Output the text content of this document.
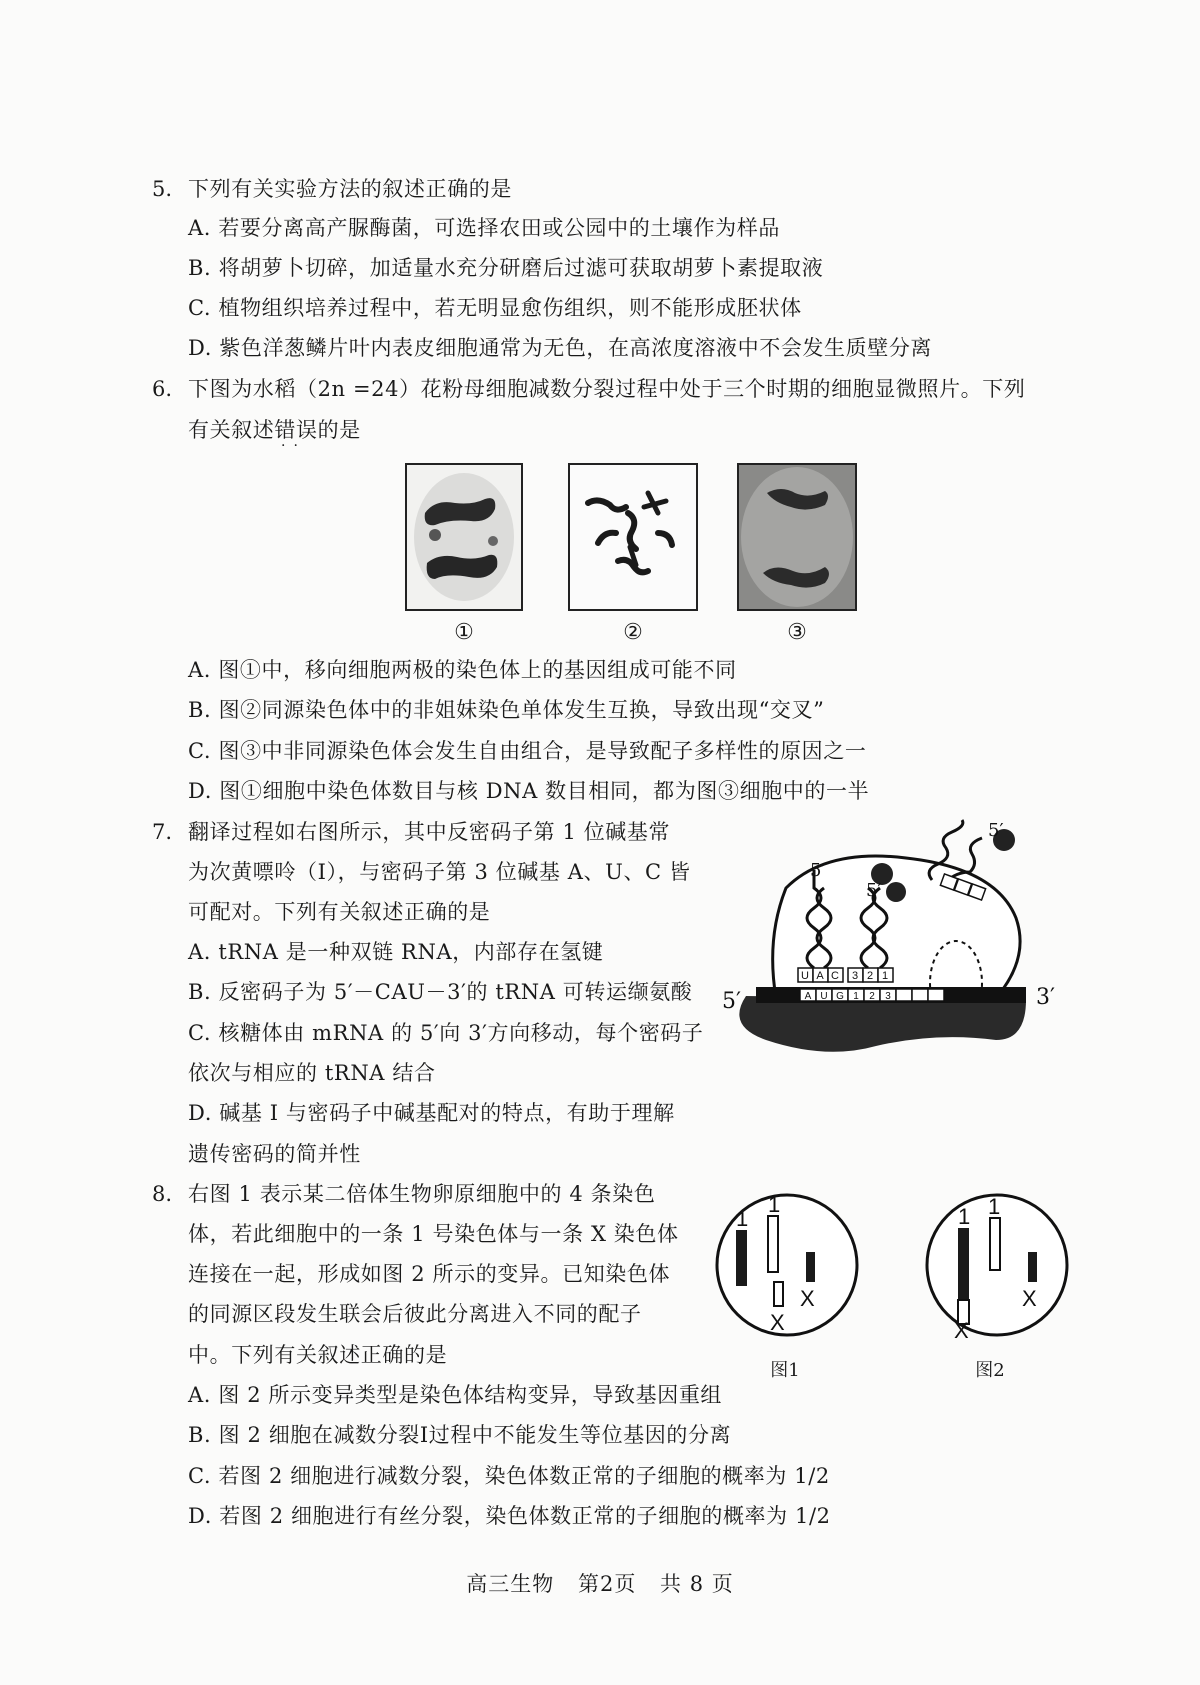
5. 下列有关实验方法的叙述正确的是
A. 若要分离高产脲酶菌，可选择农田或公园中的土壤作为样品
B. 将胡萝卜切碎，加适量水充分研磨后过滤可获取胡萝卜素提取液
C. 植物组织培养过程中，若无明显愈伤组织，则不能形成胚状体
D. 紫色洋葱鳞片叶内表皮细胞通常为无色，在高浓度溶液中不会发生质壁分离
6. 下图为水稻（2n =24）花粉母细胞减数分裂过程中处于三个时期的细胞显微照片。下列
有关叙述错误的是
··
①	②	③
A. 图①中，移向细胞两极的染色体上的基因组成可能不同
B. 图②同源染色体中的非姐妹染色单体发生互换，导致出现“交叉”
C. 图③中非同源染色体会发生自由组合，是导致配子多样性的原因之一
D. 图①细胞中染色体数目与核 DNA 数目相同，都为图③细胞中的一半
7. 翻译过程如右图所示，其中反密码子第 1 位碱基常
为次黄嘌呤（I），与密码子第 3 位碱基 A、U、C 皆
可配对。下列有关叙述正确的是
A. tRNA 是一种双链 RNA，内部存在氢键
B. 反密码子为 5′－CAU－3′的 tRNA 可转运缬氨酸
C. 核糖体由 mRNA 的 5′向 3′方向移动，每个密码子
依次与相应的 tRNA 结合
D. 碱基 I 与密码子中碱基配对的特点，有助于理解
遗传密码的简并性
A U G 1 2 3
U A C
5′
3 2 1
5′
5′
5′	3′
8. 右图 1 表示某二倍体生物卵原细胞中的 4 条染色
体，若此细胞中的一条 1 号染色体与一条 X 染色体
连接在一起，形成如图 2 所示的变异。已知染色体
的同源区段发生联会后彼此分离进入不同的配子
中。下列有关叙述正确的是
A. 图 2 所示变异类型是染色体结构变异，导致基因重组
B. 图 2 细胞在减数分裂Ⅰ过程中不能发生等位基因的分离
C. 若图 2 细胞进行减数分裂，染色体数正常的子细胞的概率为 1/2
D. 若图 2 细胞进行有丝分裂，染色体数正常的子细胞的概率为 1/2
1
1
X
X
图1
1 1
X
X
图2
高三生物 第2页 共 8 页
